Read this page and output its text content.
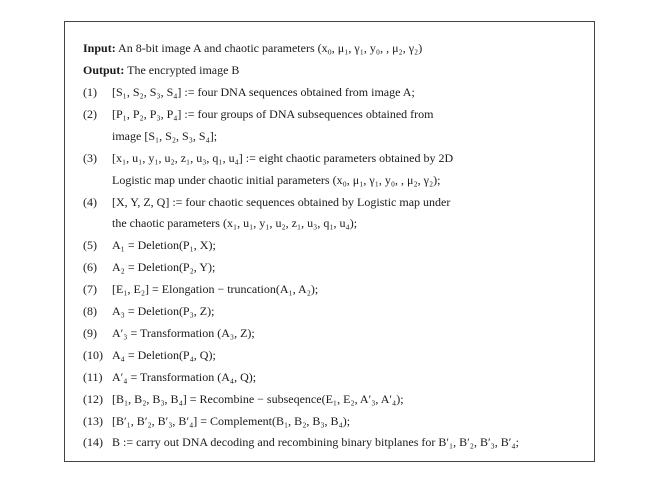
Input: An 8-bit image A and chaotic parameters (x₀, μ₁, γ₁, y₀, , μ₂, γ₂)
Output: The encrypted image B
(1) [S₁, S₂, S₃, S₄] := four DNA sequences obtained from image A;
(2) [P₁, P₂, P₃, P₄] := four groups of DNA subsequences obtained from
image [S₁, S₂, S₃, S₄];
(3) [x₁, u₁, y₁, u₂, z₁, u₃, q₁, u₄] := eight chaotic parameters obtained by 2D
Logistic map under chaotic initial parameters (x₀, μ₁, γ₁, y₀, , μ₂, γ₂);
(4) [X, Y, Z, Q] := four chaotic sequences obtained by Logistic map under
the chaotic parameters (x₁, u₁, y₁, u₂, z₁, u₃, q₁, u₄);
(5) A₁ = Deletion(P₁, X);
(6) A₂ = Deletion(P₂, Y);
(7) [E₁, E₂] = Elongation − truncation(A₁, A₂);
(8) A₃ = Deletion(P₃, Z);
(9) A′₃ = Transformation (A₃, Z);
(10) A₄ = Deletion(P₄, Q);
(11) A′₄ = Transformation (A₄, Q);
(12) [B₁, B₂, B₃, B₄] = Recombine − subseqence(E₁, E₂, A′₃, A′₄);
(13) [B′₁, B′₂, B′₃, B′₄] = Complement(B₁, B₂, B₃, B₄);
(14) B := carry out DNA decoding and recombining binary bitplanes for B′₁, B′₂, B′₃, B′₄;
